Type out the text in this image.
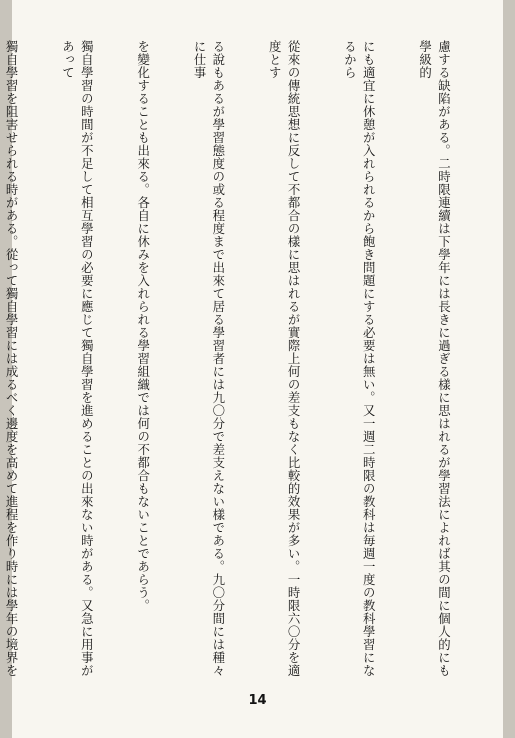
慮する缺陷がある。二時限連續は下學年には長きに過ぎる樣に思はれるが學習法によれば其の間に個人的にも學級的

にも適宜に休憩が入れられるから飽き問題にする必要は無い。又一週二時限の教科は毎週一度の教科學習になるから

從來の傳統思想に反して不都合の樣に思はれるが實際上何の差支もなく比較的效果が多い。一時限六〇分を適度とす

る說もあるが學習態度の或る程度まで出來て居る學習者には九〇分で差支えない樣である。九〇分間には種々に仕事

を變化することも出來る。各自に休みを入れられる學習組織では何の不都合もないことであらう。

獨自學習の時間が不足して相互學習の必要に應じて獨自學習を進めることの出來ない時がある。又急に用事があって

獨自學習を阻害せられる時がある。從って獨自學習には成るべく邊度を高めて進程を作り時には學年の境界を

14
